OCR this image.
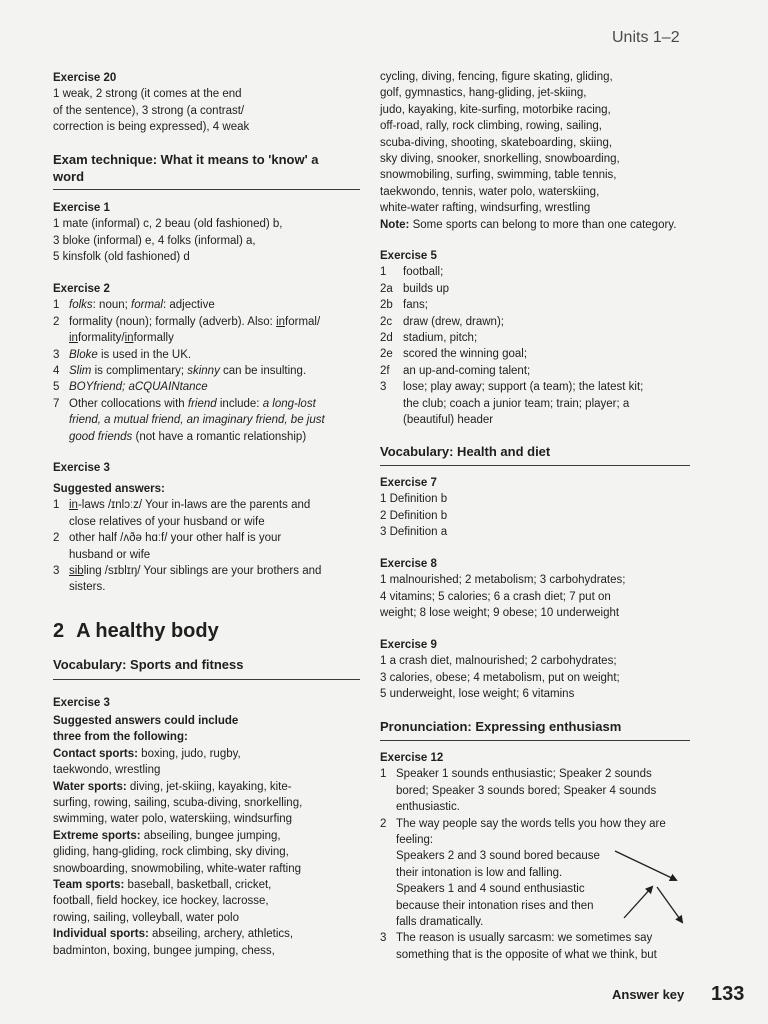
Units 1–2
Exercise 20
1 weak, 2 strong (it comes at the end
of the sentence), 3 strong (a contrast/
correction is being expressed), 4 weak
Exam technique: What it means to 'know' a
word
Exercise 1
1 mate (informal) c, 2 beau (old fashioned) b,
3 bloke (informal) e, 4 folks (informal) a,
5 kinsfolk (old fashioned) d
Exercise 2
1 folks: noun; formal: adjective
2 formality (noun); formally (adverb). Also: informal/
informality/informally
3 Bloke is used in the UK.
4 Slim is complimentary; skinny can be insulting.
5 BOYfriend; aCQUAINtance
7 Other collocations with friend include: a long-lost
friend, a mutual friend, an imaginary friend, be just
good friends (not have a romantic relationship)
Exercise 3
Suggested answers:
1 in-laws /ɪnlɔːz/ Your in-laws are the parents and
close relatives of your husband or wife
2 other half /ʌðə hɑːf/ your other half is your
husband or wife
3 sibling /sɪblɪŋ/ Your siblings are your brothers and
sisters.
2 A healthy body
Vocabulary: Sports and fitness
Exercise 3
Suggested answers could include
three from the following:
Contact sports: boxing, judo, rugby,
taekwondo, wrestling
Water sports: diving, jet-skiing, kayaking, kite-
surfing, rowing, sailing, scuba-diving, snorkelling,
swimming, water polo, waterskiing, windsurfing
Extreme sports: abseiling, bungee jumping,
gliding, hang-gliding, rock climbing, sky diving,
snowboarding, snowmobiling, white-water rafting
Team sports: baseball, basketball, cricket,
football, field hockey, ice hockey, lacrosse,
rowing, sailing, volleyball, water polo
Individual sports: abseiling, archery, athletics,
badminton, boxing, bungee jumping, chess,
cycling, diving, fencing, figure skating, gliding,
golf, gymnastics, hang-gliding, jet-skiing,
judo, kayaking, kite-surfing, motorbike racing,
off-road, rally, rock climbing, rowing, sailing,
scuba-diving, shooting, skateboarding, skiing,
sky diving, snooker, snorkelling, snowboarding,
snowmobiling, surfing, swimming, table tennis,
taekwondo, tennis, water polo, waterskiing,
white-water rafting, windsurfing, wrestling
Note: Some sports can belong to more than one category.
Exercise 5
1 football;
2a builds up
2b fans;
2c draw (drew, drawn);
2d stadium, pitch;
2e scored the winning goal;
2f an up-and-coming talent;
3 lose; play away; support (a team); the latest kit;
the club; coach a junior team; train; player; a
(beautiful) header
Vocabulary: Health and diet
Exercise 7
1 Definition b
2 Definition b
3 Definition a
Exercise 8
1 malnourished; 2 metabolism; 3 carbohydrates;
4 vitamins; 5 calories; 6 a crash diet; 7 put on
weight; 8 lose weight; 9 obese; 10 underweight
Exercise 9
1 a crash diet, malnourished; 2 carbohydrates;
3 calories, obese; 4 metabolism, put on weight;
5 underweight, lose weight; 6 vitamins
Pronunciation: Expressing enthusiasm
Exercise 12
1 Speaker 1 sounds enthusiastic; Speaker 2 sounds
bored; Speaker 3 sounds bored; Speaker 4 sounds
enthusiastic.
2 The way people say the words tells you how they are
feeling:
Speakers 2 and 3 sound bored because
their intonation is low and falling.
Speakers 1 and 4 sound enthusiastic
because their intonation rises and then
falls dramatically.
3 The reason is usually sarcasm: we sometimes say
something that is the opposite of what we think, but
Answer key 133
